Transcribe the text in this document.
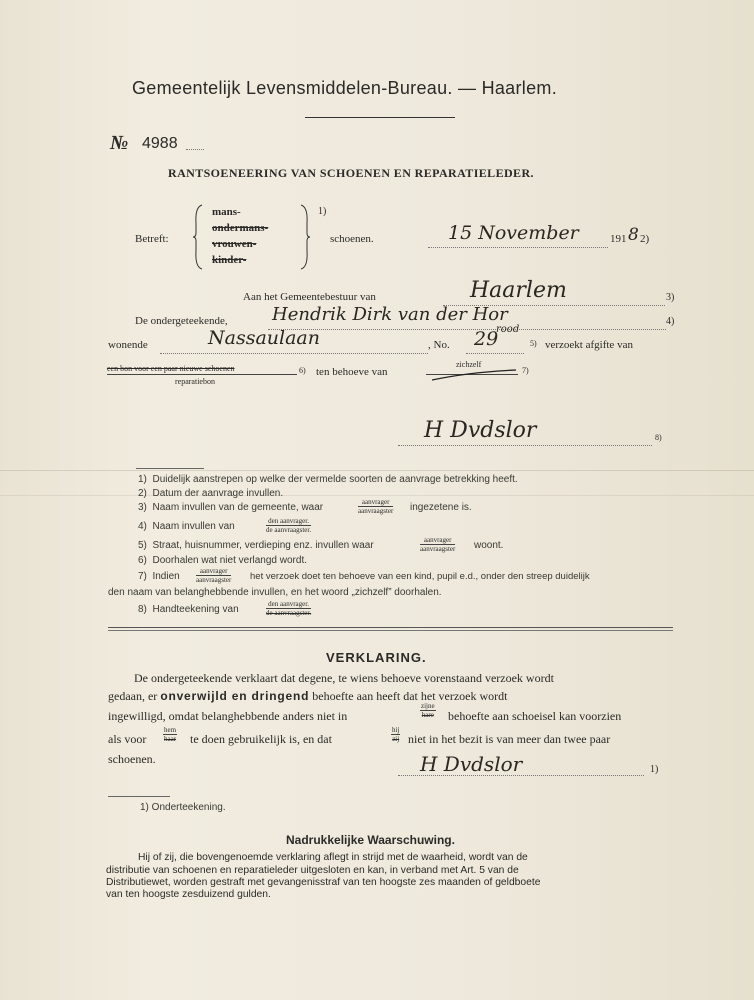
Gemeentelijk Levensmiddelen-Bureau. — Haarlem.
№ 4988
RANTSOENEERING VAN SCHOENEN EN REPARATIELEDER.
Betreft:
mans-
ondermans-
vrouwen-
kinder-
1)
schoenen.	15 November	191 8 2)
Aan het Gemeentebestuur van	Haarlem	3)
De ondergeteekende, Hendrik Dirk van der Hor	4)
wonende	Nassaulaan	, No. 29
rood
5) verzoekt afgifte van
een bon voor een paar nieuwe schoenen
reparatiebon
6) ten behoeve van
zichzelf
7)
H Dvdslor	8)
1) Duidelijk aanstrepen op welke der vermelde soorten de aanvrage betrekking heeft.
2) Datum der aanvrage invullen.
3) Naam invullen van de gemeente, waar	aanvrager
aanvraagster ingezetene is.
4) Naam invullen van	den aanvrager.
de aanvraagster.
5) Straat, huisnummer, verdieping enz. invullen waar	aanvrager
aanvraagster woont.
6) Doorhalen wat niet verlangd wordt.
7) Indien	aanvrager
aanvraagster het verzoek doet ten behoeve van een kind, pupil e.d., onder den streep duidelijk
den naam van belanghebbende invullen, en het woord „zichzelf” doorhalen.
8) Handteekening van	den aanvrager.
de aanvraagster.
VERKLARING.
De ondergeteekende verklaart dat degene, te wiens behoeve vorenstaand verzoek wordt
gedaan, er onverwijld en dringend behoefte aan heeft dat het verzoek wordt
ingewilligd, omdat belanghebbende anders niet in
zijne
hare behoefte aan schoeisel kan voorzien
als voor
hem
haar te doen gebruikelijk is, en dat
hij
zij niet in het bezit is van meer dan twee paar
schoenen.	H Dvdslor	1)
1) Onderteekening.
Nadrukkelijke Waarschuwing.
Hij of zij, die bovengenoemde verklaring aflegt in strijd met de waarheid, wordt van de
distributie van schoenen en reparatieleder uitgesloten en kan, in verband met Art. 5 van de
Distributiewet, worden gestraft met gevangenisstraf van ten hoogste zes maanden of geldboete
van ten hoogste zesduizend gulden.
